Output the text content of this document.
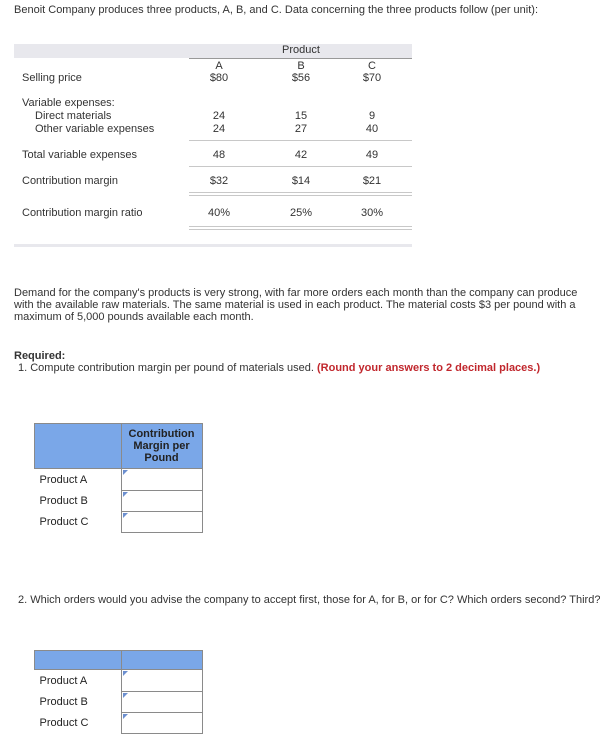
Benoit Company produces three products, A, B, and C. Data concerning the three products follow (per unit):
Product
A	B	C
Selling price	$80	$56	$70
Variable expenses:
Direct materials	24	15	9
Other variable expenses	24	27	40
Total variable expenses	48	42	49
Contribution margin	$32	$14	$21
Contribution margin ratio	40%	25%	30%
Demand for the company's products is very strong, with far more orders each month than the company can produce with the available raw materials. The same material is used in each product. The material costs $3 per pound with a maximum of 5,000 pounds available each month.
Required:
1. Compute contribution margin per pound of materials used. (Round your answers to 2 decimal places.)
	Contribution Margin per Pound
Product A	
Product B	
Product C	
2. Which orders would you advise the company to accept first, those for A, for B, or for C? Which orders second? Third?

Product A	
Product B	
Product C	
